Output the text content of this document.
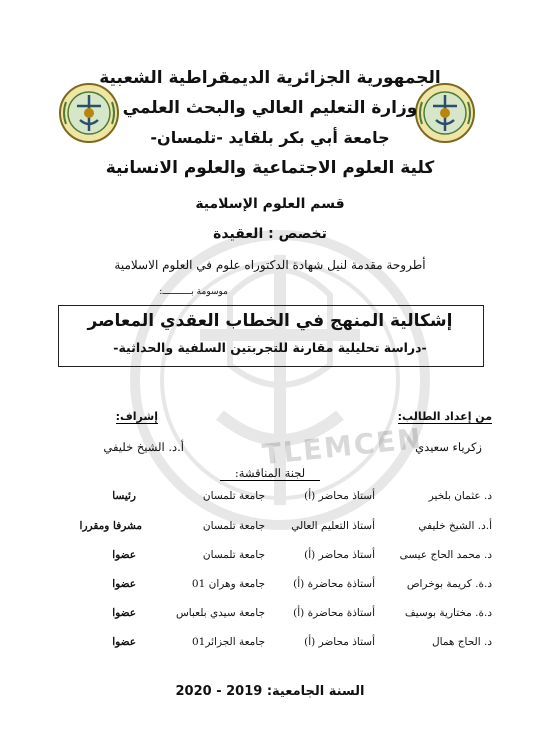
TLEMCEN
الجمهورية الجزائرية الديمقراطية الشعبية
وزارة التعليم العالي والبحث العلمي
جامعة أبي بكر بلقايد -تلمسان-
كلية العلوم الاجتماعية والعلوم الانسانية
قسم العلوم الإسلامية
تخصص : العقيدة
أطروحة مقدمة لنيل شهادة الدكتوراه علوم في العلوم الاسلامية
موسومة بـــــــــــ:
إشكالية المنهج في الخطاب العقدي المعاصر
-دراسة تحليلية مقارنة للتجربتين السلفية والحداثية-
من إعداد الطالب:
إشراف:
زكرياء سعيدي
أ.د. الشيخ خليفي
لجنة المناقشة:
د. عثمان بلخير
أستاذ محاضر (أ)
جامعة تلمسان
رئيسا
أ.د. الشيخ خليفي
أستاذ التعليم العالي
جامعة تلمسان
مشرفا ومقررا
د. محمد الحاج عيسى
أستاذ محاضر (أ)
جامعة تلمسان
عضوا
د.ة. كريمة بوخراص
أستاذة محاضرة (أ)
جامعة وهران 01
عضوا
د.ة. مختارية بوسيف
أستاذة محاضرة (أ)
جامعة سيدي بلعباس
عضوا
د. الحاج همال
أستاذ محاضر (أ)
جامعة الجزائر01
عضوا
السنة الجامعية: 2019 - 2020
